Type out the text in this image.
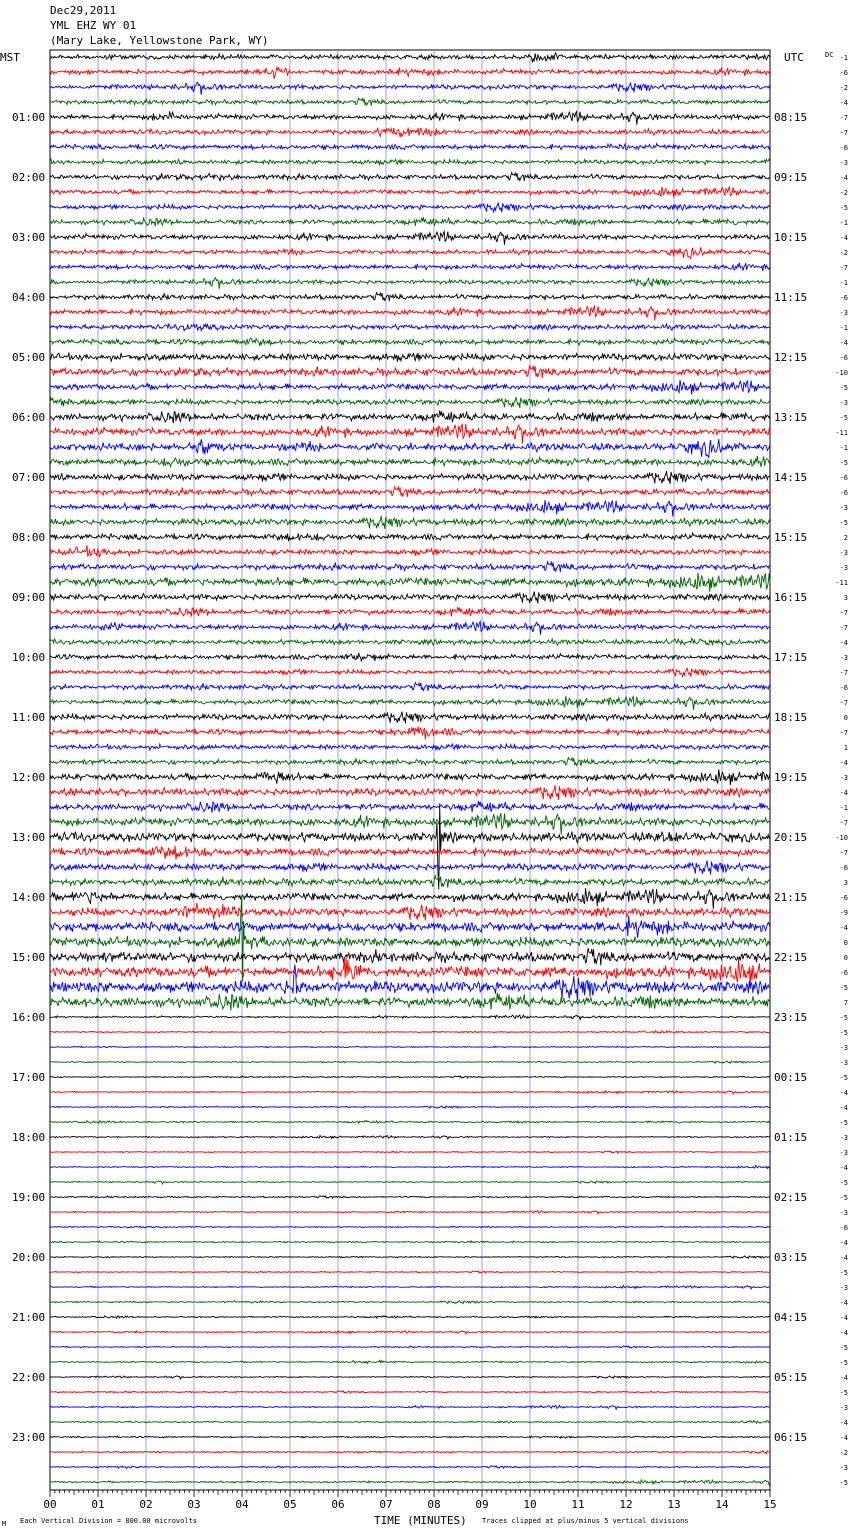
Dec29,2011
YML EHZ WY 01
(Mary Lake, Yellowstone Park, WY)
01:00
02:00
03:00
04:00
05:00
06:00
07:00
08:00
09:00
10:00
11:00
12:00
13:00
14:00
15:00
16:00
17:00
18:00
19:00
20:00
21:00
22:00
23:00
08:15
09:15
10:15
11:15
12:15
13:15
14:15
15:15
16:15
17:15
18:15
19:15
20:15
21:15
22:15
23:15
00:15
01:15
02:15
03:15
04:15
05:15
06:15
-1
-6
-2
-4
-7
-7
-6
-3
-4
-2
-5
-1
-4
-2
-7
-1
-6
-3
-1
-4
-6
-10
-5
-3
-5
-11
-1
-5
-6
-6
-3
-5
2
-3
-3
-11
3
-7
-7
-4
-3
-7
-6
-7
0
-7
1
-4
-3
-4
-1
-7
-10
-7
-6
3
-6
-9
-4
0
0
-6
-5
7
-5
-5
-3
-3
-5
-4
-4
-5
-3
-3
-4
-5
-5
-3
-6
-4
-4
-5
-3
-4
-4
-4
-5
-5
-4
-5
-3
-4
-4
-2
-3
-5
00	01	02	03	04	05	06	07	08	09	10	11	12	13	14	15
MST	UTC	DC
TIME (MINUTES)
Each Vertical Division = 800.00 microvolts	Traces clipped at plus/minus 5 vertical divisions
M
